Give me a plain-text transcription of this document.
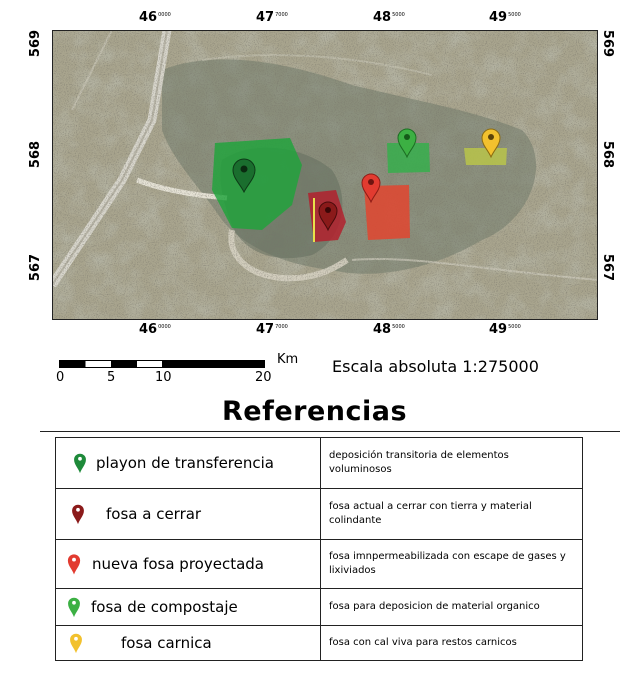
$46^{0000}$	$47^{7000}$	$48^{5000}$	$49^{5000}$
569
568
567
569
568
567
$46^{0000}$	$47^{7000}$	$48^{5000}$	$49^{5000}$
Km
0	5	10	20
Escala absoluta 1:275000
Referencias
playon de transferencia	deposición transitoria de elementos voluminosos

fosa a cerrar	fosa actual a cerrar con tierra y material colindante

nueva fosa proyectada	fosa imnpermeabilizada con escape de gases y lixiviados

fosa de compostaje	fosa para deposicion de material organico

fosa carnica	fosa con cal viva para restos carnicos
